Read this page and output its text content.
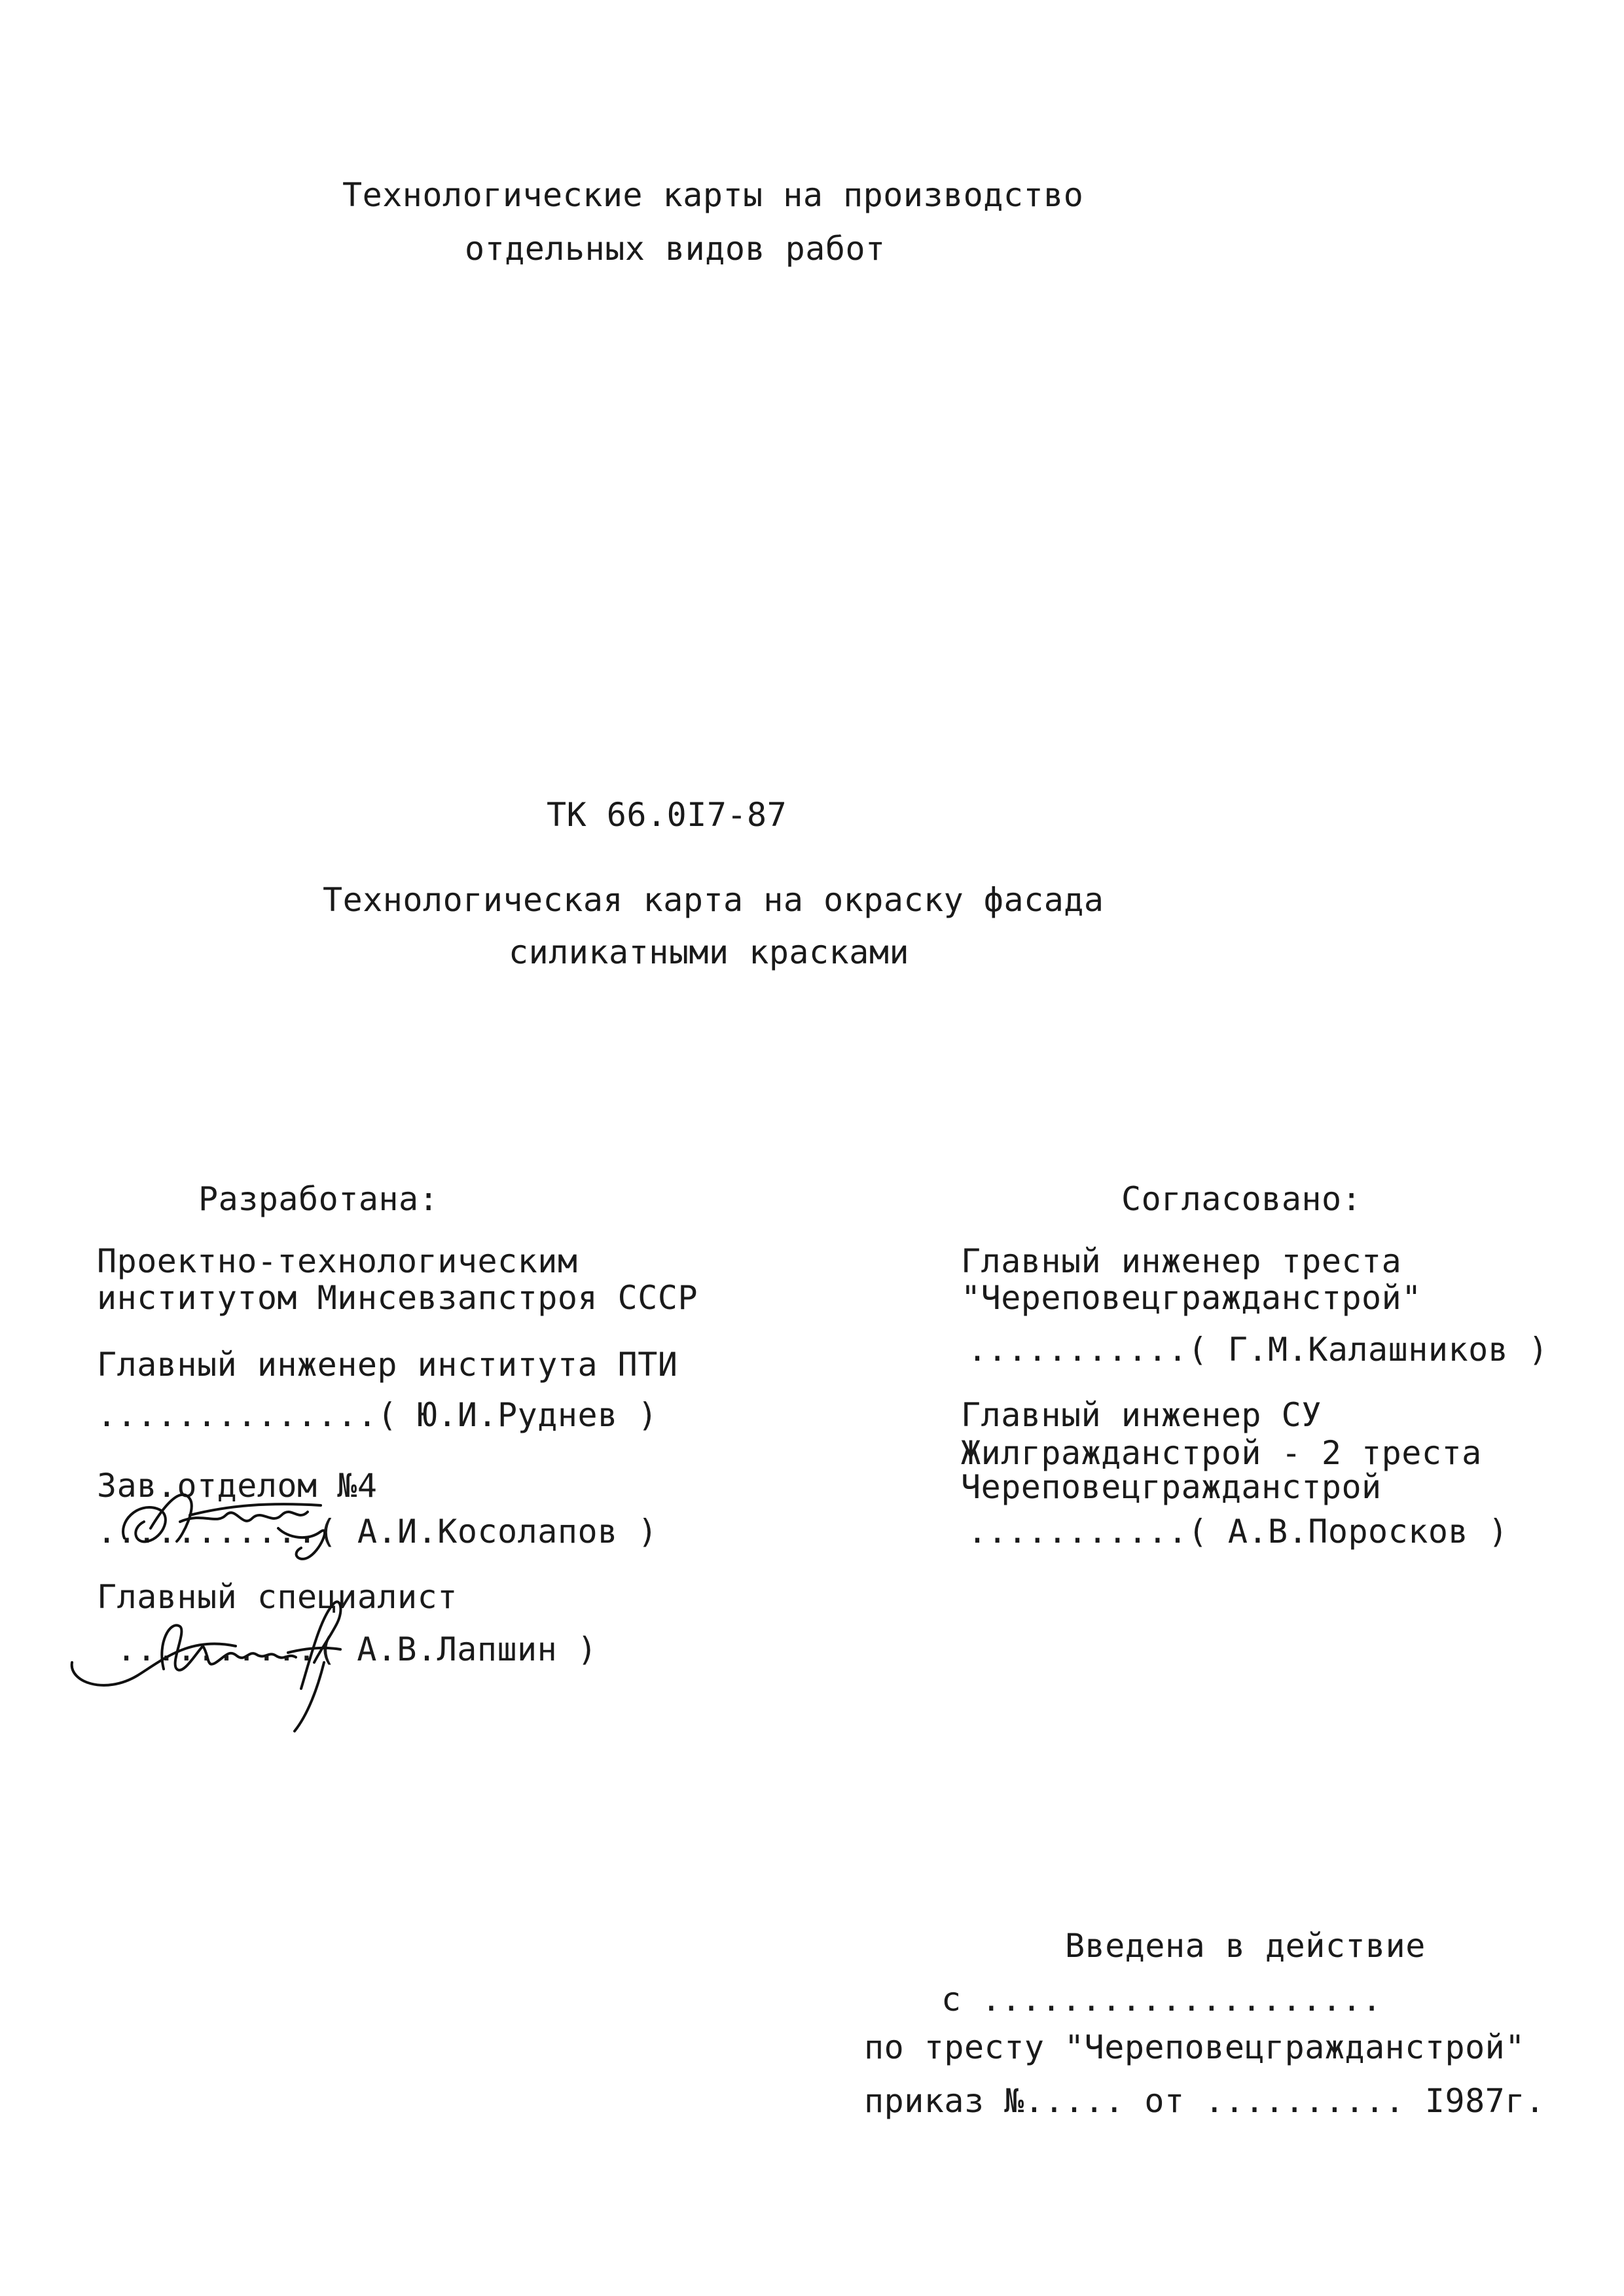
Технологические карты на производство
отдельных видов работ
ТК 66.0I7-87
Технологическая карта на окраску фасада
силикатными красками
Разработана:
Проектно-технологическим
институтом Минсевзапстроя СССР
Главный инженер института ПТИ
..............( Ю.И.Руднев )
Зав.отделом №4
...........( А.И.Косолапов )
Главный специалист
..........( А.В.Лапшин )
Согласовано:
Главный инженер треста
"Череповецгражданстрой"
...........( Г.М.Калашников )
Главный инженер СУ
Жилгражданстрой - 2 треста
Череповецгражданстрой
...........( А.В.Поросков )
Введена в действие
с ....................
по тресту "Череповецгражданстрой"
приказ №..... от .......... I987г.
